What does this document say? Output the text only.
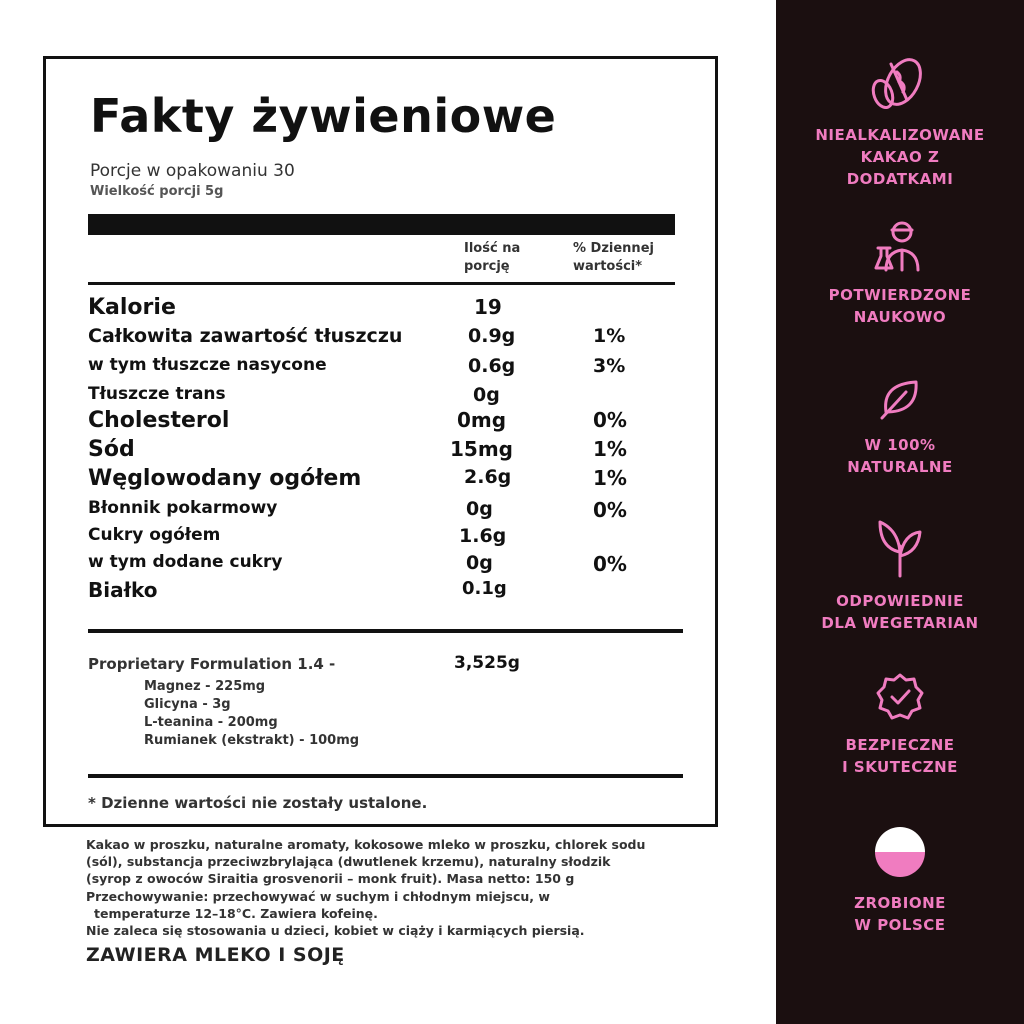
Fakty żywieniowe
Porcje w opakowaniu 30
Wielkość porcji 5g
Ilość na
porcję
% Dziennej
wartości*
Kalorie	19
Całkowita zawartość tłuszczu	0.9g	1%
w tym tłuszcze nasycone	0.6g	3%
Tłuszcze trans	0g
Cholesterol	0mg	0%
Sód	15mg	1%
Węglowodany ogółem	2.6g	1%
Błonnik pokarmowy	0g	0%
Cukry ogółem	1.6g
w tym dodane cukry	0g	0%
Białko	0.1g
Proprietary Formulation 1.4 -	3,525g
Magnez - 225mg
Glicyna - 3g
L-teanina - 200mg
Rumianek (ekstrakt) - 100mg
* Dzienne wartości nie zostały ustalone.
Kakao w proszku, naturalne aromaty, kokosowe mleko w proszku, chlorek sodu
(sól), substancja przeciwzbrylająca (dwutlenek krzemu), naturalny słodzik
(syrop z owoców Siraitia grosvenorii – monk fruit). Masa netto: 150 g
Przechowywanie: przechowywać w suchym i chłodnym miejscu, w
temperaturze 12–18°C. Zawiera kofeinę.
Nie zaleca się stosowania u dzieci, kobiet w ciąży i karmiących piersią.
ZAWIERA MLEKO I SOJĘ
NIEALKALIZOWANE
KAKAO Z
DODATKAMI
POTWIERDZONE
NAUKOWO
W 100%
NATURALNE
ODPOWIEDNIE
DLA WEGETARIAN
BEZPIECZNE
I SKUTECZNE
ZROBIONE
W POLSCE
